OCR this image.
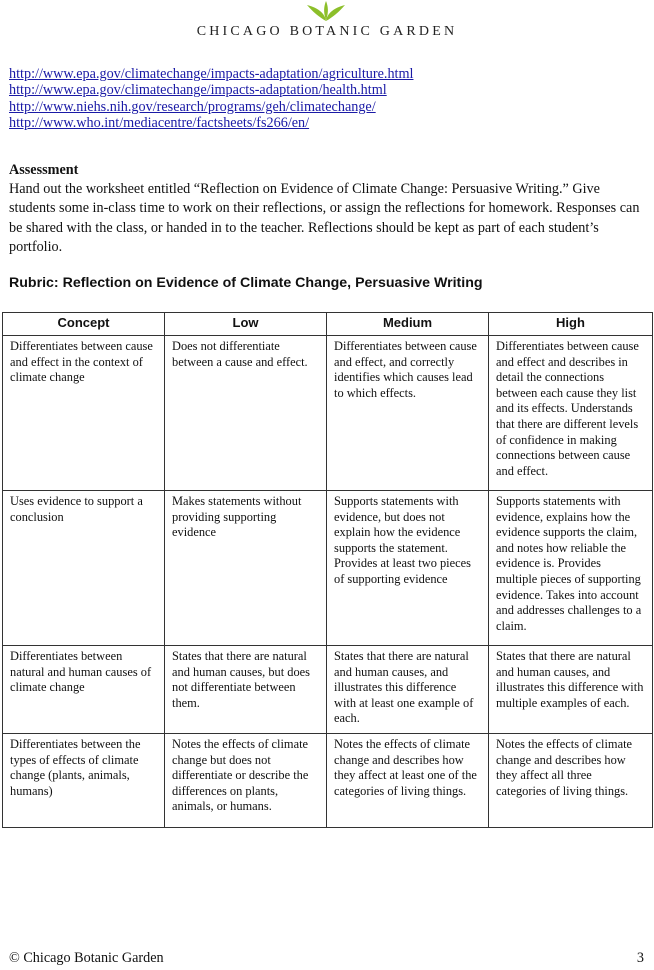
CHICAGO BOTANIC GARDEN
http://www.epa.gov/climatechange/impacts-adaptation/agriculture.html
http://www.epa.gov/climatechange/impacts-adaptation/health.html
http://www.niehs.nih.gov/research/programs/geh/climatechange/
http://www.who.int/mediacentre/factsheets/fs266/en/
Assessment

Hand out the worksheet entitled “Reflection on Evidence of Climate Change: Persuasive Writing.” Give students some in-class time to work on their reflections, or assign the reflections for homework. Responses can be shared with the class, or handed in to the teacher. Reflections should be kept as part of each student’s portfolio.

Rubric: Reflection on Evidence of Climate Change, Persuasive Writing
Concept	Low	Medium	High
Differentiates between cause and effect in the context of climate change	Does not differentiate between a cause and effect.	Differentiates between cause and effect, and correctly identifies which causes lead to which effects.	Differentiates between cause and effect and describes in detail the connections between each cause they list and its effects. Understands that there are different levels of confidence in making connections between cause and effect.
Uses evidence to support a conclusion	Makes statements without providing supporting evidence	Supports statements with evidence, but does not explain how the evidence supports the statement. Provides at least two pieces of supporting evidence	Supports statements with evidence, explains how the evidence supports the claim, and notes how reliable the evidence is. Provides multiple pieces of supporting evidence. Takes into account and addresses challenges to a claim.
Differentiates between natural and human causes of climate change	States that there are natural and human causes, but does not differentiate between them.	States that there are natural and human causes, and illustrates this difference with at least one example of each.	States that there are natural and human causes, and illustrates this difference with multiple examples of each.
Differentiates between the types of effects of climate change (plants, animals, humans)	Notes the effects of climate change but does not differentiate or describe the differences on plants, animals, or humans.	Notes the effects of climate change and describes how they affect at least one of the categories of living things.	Notes the effects of climate change and describes how they affect all three categories of living things.
© Chicago Botanic Garden	3
